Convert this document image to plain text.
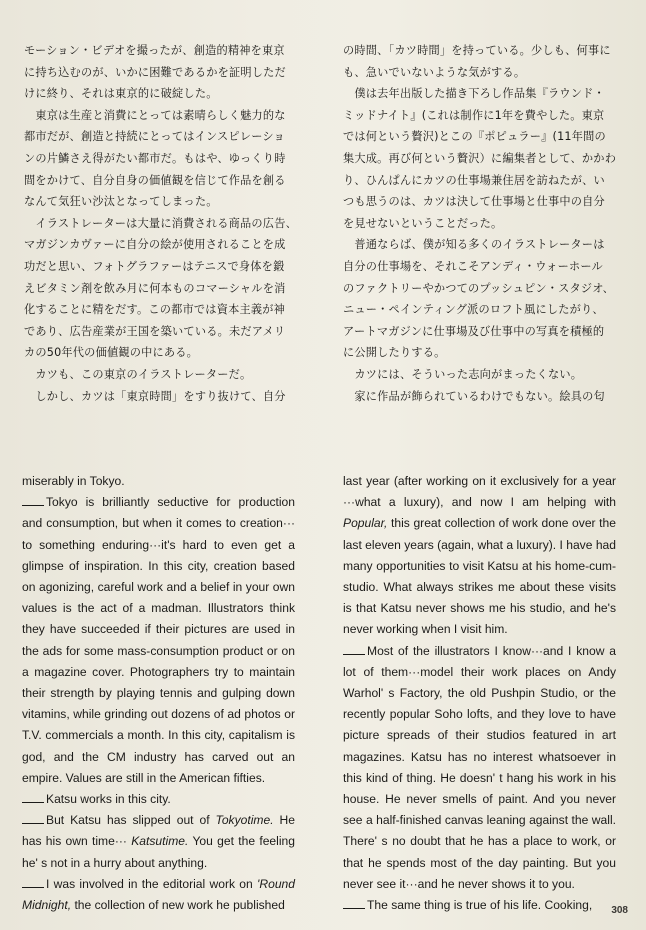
モーション・ビデオを撮ったが、創造的精神を東京

に持ち込むのが、いかに困難であるかを証明しただ

けに終り、それは東京的に破綻した。

　東京は生産と消費にとっては素晴らしく魅力的な

都市だが、創造と持続にとってはインスピレーショ

ンの片鱗さえ得がたい都市だ。もはや、ゆっくり時

間をかけて、自分自身の価値観を信じて作品を創る

なんて気狂い沙汰となってしまった。

　イラストレーターは大量に消費される商品の広告、

マガジンカヴァーに自分の絵が使用されることを成

功だと思い、フォトグラファーはテニスで身体を鍛

えビタミン剤を飲み月に何本ものコマーシャルを消

化することに精をだす。この都市では資本主義が神

であり、広告産業が王国を築いている。未だアメリ

カの50年代の価値観の中にある。

　カツも、この東京のイラストレーターだ。

　しかし、カツは「東京時間」をすり抜けて、自分

の時間、「カツ時間」を持っている。少しも、何事に

も、急いでいないような気がする。

　僕は去年出版した描き下ろし作品集『ラウンド・

ミッドナイト』(これは制作に1年を費やした。東京

では何という贅沢)とこの『ポピュラー』(11年間の

集大成。再び何という贅沢）に編集者として、かかわ

り、ひんぱんにカツの仕事場兼住居を訪ねたが、い

つも思うのは、カツは決して仕事場と仕事中の自分

を見せないということだった。

　普通ならば、僕が知る多くのイラストレーターは

自分の仕事場を、それこそアンディ・ウォーホール

のファクトリーやかつてのプッシュピン・スタジオ、

ニュー・ペインティング派のロフト風にしたがり、

アートマガジンに仕事場及び仕事中の写真を積極的

に公開したりする。

　カツには、そういった志向がまったくない。

　家に作品が飾られているわけでもない。絵具の匂

miserably in Tokyo.

Tokyo is brilliantly seductive for production and consumption, but when it comes to creation··· to something enduring···it's hard to even get a glimpse of inspiration. In this city, creation based on agonizing, careful work and a belief in your own values is the act of a madman. Illustrators think they have succeeded if their pictures are used in the ads for some mass-consumption product or on a magazine cover. Photographers try to maintain their strength by playing tennis and gulping down vitamins, while grinding out dozens of ad photos or T.V. commercials a month. In this city, capitalism is god, and the CM industry has carved out an empire. Values are still in the American fifties.

Katsu works in this city.

But Katsu has slipped out of Tokyotime. He has his own time··· Katsutime. You get the feeling he' s not in a hurry about anything.

I was involved in the editorial work on 'Round Midnight, the collection of new work he published

last year (after working on it exclusively for a year ···what a luxury), and now I am helping with Popular, this great collection of work done over the last eleven years (again, what a luxury). I have had many opportunities to visit Katsu at his home-cum-studio. What always strikes me about these visits is that Katsu never shows me his studio, and he's never working when I visit him.

Most of the illustrators I know···and I know a lot of them···model their work places on Andy Warhol' s Factory, the old Pushpin Studio, or the recently popular Soho lofts, and they love to have picture spreads of their studios featured in art magazines. Katsu has no interest whatsoever in this kind of thing. He doesn' t hang his work in his house. He never smells of paint. And you never see a half-finished canvas leaning against the wall. There' s no doubt that he has a place to work, or that he spends most of the day painting. But you never see it···and he never shows it to you.

The same thing is true of his life. Cooking,	308
